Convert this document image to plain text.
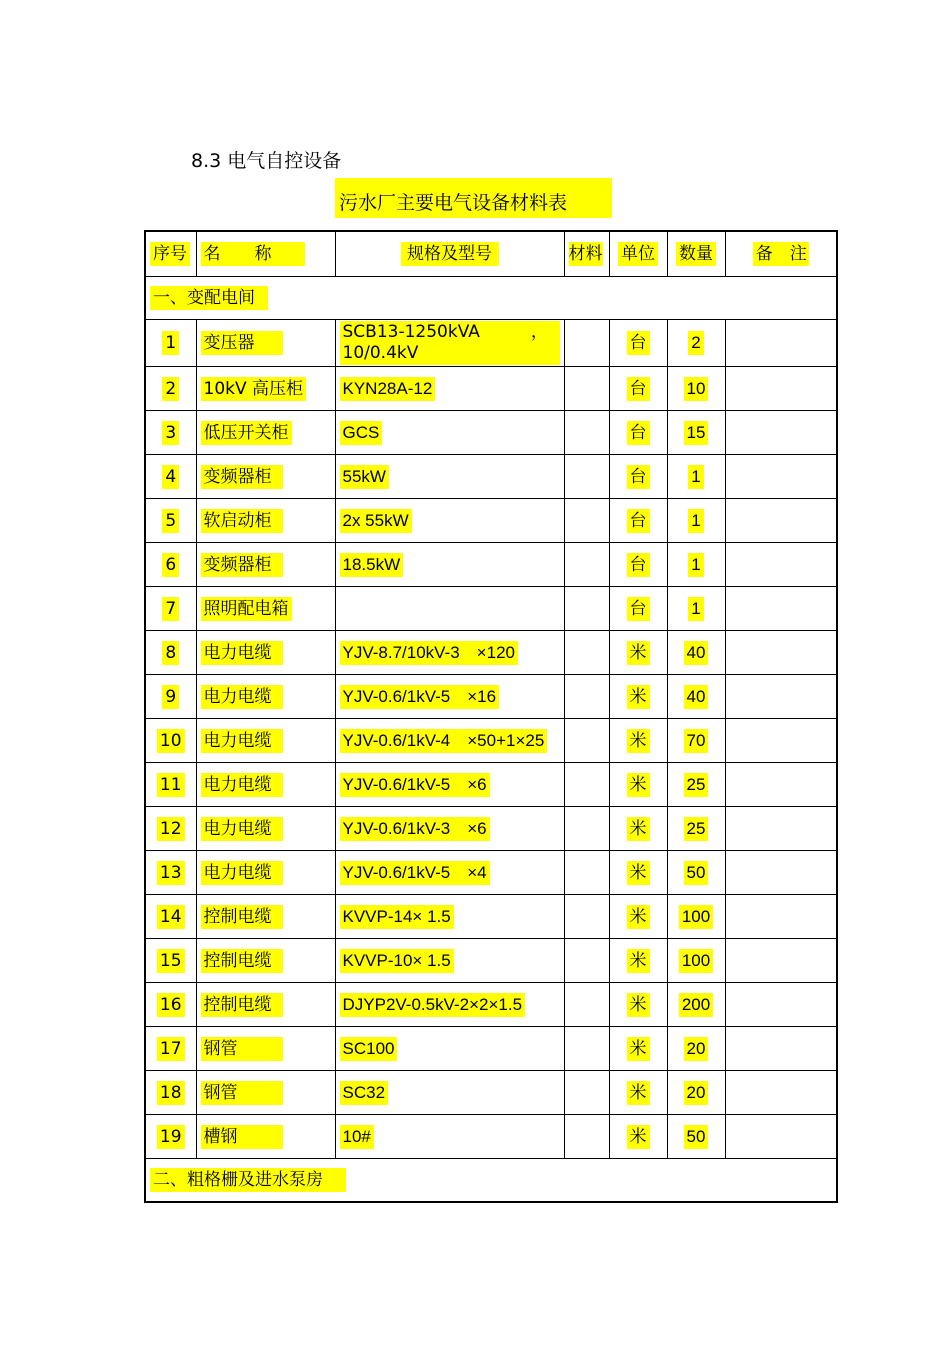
8.3 电气自控设备
污水厂主要电气设备材料表
序号	名　　称	规格及型号	材料	单位	数量	备　注
一、变配电间						
1	变压器	SCB13-1250kVA　　　，
10/0.4kV		台	2	
2	10kV 高压柜	KYN28A-12		台	10	
3	低压开关柜	GCS		台	15	
4	变频器柜	55kW		台	1	
5	软启动柜	2x 55kW		台	1	
6	变频器柜	18.5kW		台	1	
7	照明配电箱			台	1	
8	电力电缆	YJV-8.7/10kV-3　×120		米	40	
9	电力电缆	YJV-0.6/1kV-5　×16		米	40	
10	电力电缆	YJV-0.6/1kV-4　×50+1×25		米	70	
11	电力电缆	YJV-0.6/1kV-5　×6		米	25	
12	电力电缆	YJV-0.6/1kV-3　×6		米	25	
13	电力电缆	YJV-0.6/1kV-5　×4		米	50	
14	控制电缆	KVVP-14× 1.5		米	100	
15	控制电缆	KVVP-10× 1.5		米	100	
16	控制电缆	DJYP2V-0.5kV-2×2×1.5		米	200	
17	钢管	SC100		米	20	
18	钢管	SC32		米	20	
19	槽钢	10#		米	50	
二、粗格栅及进水泵房						
